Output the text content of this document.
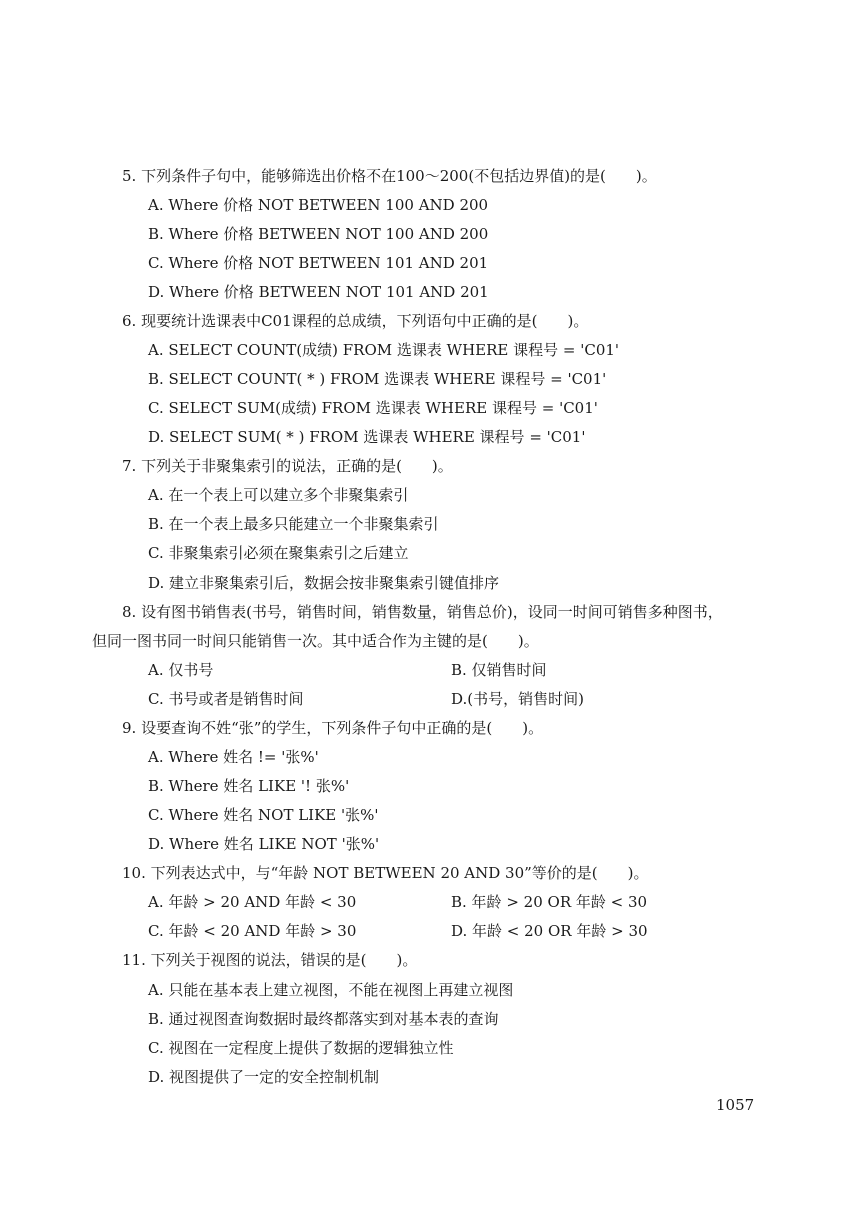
5. 下列条件子句中，能够筛选出价格不在100～200(不包括边界值)的是(　　)。
A. Where 价格 NOT BETWEEN 100 AND 200
B. Where 价格 BETWEEN NOT 100 AND 200
C. Where 价格 NOT BETWEEN 101 AND 201
D. Where 价格 BETWEEN NOT 101 AND 201
6. 现要统计选课表中C01课程的总成绩，下列语句中正确的是(　　)。
A. SELECT COUNT(成绩) FROM 选课表 WHERE 课程号 = 'C01'
B. SELECT COUNT( * ) FROM 选课表 WHERE 课程号 = 'C01'
C. SELECT SUM(成绩) FROM 选课表 WHERE 课程号 = 'C01'
D. SELECT SUM( * ) FROM 选课表 WHERE 课程号 = 'C01'
7. 下列关于非聚集索引的说法，正确的是(　　)。
A. 在一个表上可以建立多个非聚集索引
B. 在一个表上最多只能建立一个非聚集索引
C. 非聚集索引必须在聚集索引之后建立
D. 建立非聚集索引后，数据会按非聚集索引键值排序
8. 设有图书销售表(书号，销售时间，销售数量，销售总价)，设同一时间可销售多种图书，
但同一图书同一时间只能销售一次。其中适合作为主键的是(　　)。
A. 仅书号	B. 仅销售时间
C. 书号或者是销售时间	D.(书号，销售时间)
9. 设要查询不姓“张”的学生，下列条件子句中正确的是(　　)。
A. Where 姓名 != '张%'
B. Where 姓名 LIKE '! 张%'
C. Where 姓名 NOT LIKE '张%'
D. Where 姓名 LIKE NOT '张%'
10. 下列表达式中，与“年龄 NOT BETWEEN 20 AND 30”等价的是(　　)。
A. 年龄 > 20 AND 年龄 < 30	B. 年龄 > 20 OR 年龄 < 30
C. 年龄 < 20 AND 年龄 > 30	D. 年龄 < 20 OR 年龄 > 30
11. 下列关于视图的说法，错误的是(　　)。
A. 只能在基本表上建立视图，不能在视图上再建立视图
B. 通过视图查询数据时最终都落实到对基本表的查询
C. 视图在一定程度上提供了数据的逻辑独立性
D. 视图提供了一定的安全控制机制
1057
